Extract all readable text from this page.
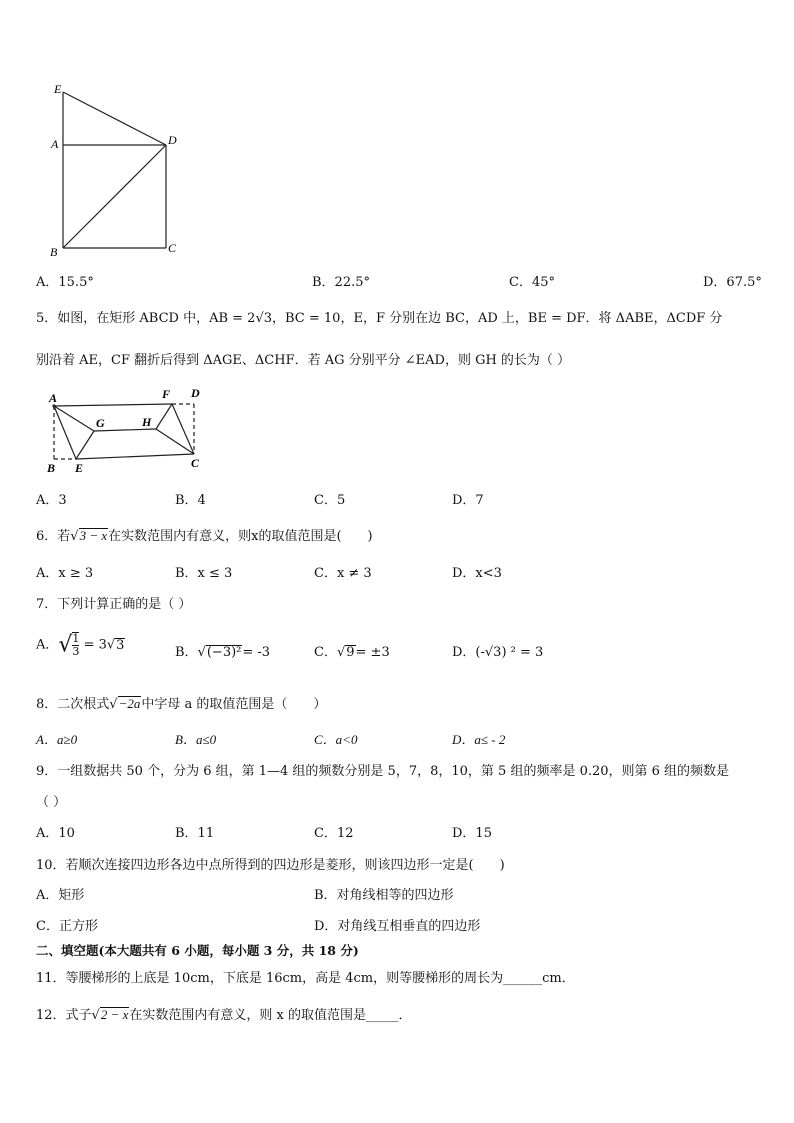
E
A	D
B	C
A．15.5°	B．22.5°	C．45°	D．67.5°
5．如图，在矩形 ABCD 中，AB = 2√3，BC = 10，E，F 分别在边 BC，AD 上，BE = DF．将 ΔABE，ΔCDF 分
别沿着 AE，CF 翻折后得到 ΔAGE、ΔCHF．若 AG 分别平分 ∠EAD，则 GH 的长为（ ）
A	F D
G	H
B E	C
A．3	B．4	C．5	D．7
6．若√3 − x在实数范围内有意义，则x的取值范围是(　　)
A．x ≥ 3	B．x ≤ 3	C．x ≠ 3	D．x<3
7．下列计算正确的是（ ）
A．√ $\frac{1}{3} = 3√3$	B．√(−3)²= -3	C．√9= ±3	D．(-√3) ² = 3
8．二次根式√−2a中字母 a 的取值范围是（　　）
A．a≥0	B．a≤0	C．a<0	D．a≤ - 2
9．一组数据共 50 个，分为 6 组，第 1—4 组的频数分别是 5，7，8，10，第 5 组的频率是 0.20，则第 6 组的频数是
（ ）
A．10	B．11	C．12	D．15
10．若顺次连接四边形各边中点所得到的四边形是菱形，则该四边形一定是(　　)
A．矩形	B．对角线相等的四边形
C．正方形	D．对角线互相垂直的四边形
二、填空题(本大题共有 6 小题，每小题 3 分，共 18 分)
11．等腰梯形的上底是 10cm，下底是 16cm，高是 4cm，则等腰梯形的周长为______cm．
12．式子√2 − x在实数范围内有意义，则 x 的取值范围是_____．
